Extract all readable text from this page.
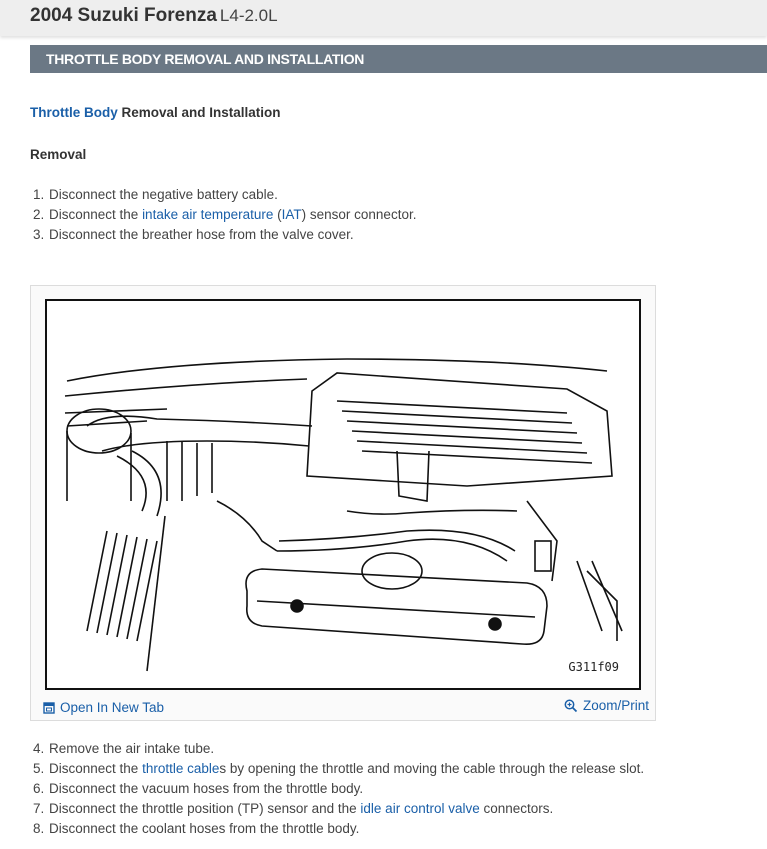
2004 Suzuki Forenza L4-2.0L
THROTTLE BODY REMOVAL AND INSTALLATION
Throttle Body Removal and Installation
Removal
1. Disconnect the negative battery cable.
2. Disconnect the intake air temperature (IAT) sensor connector.
3. Disconnect the breather hose from the valve cover.
G311f09
Open In New Tab	Zoom/Print
4. Remove the air intake tube.
5. Disconnect the throttle cables by opening the throttle and moving the cable through the release slot.
6. Disconnect the vacuum hoses from the throttle body.
7. Disconnect the throttle position (TP) sensor and the idle air control valve connectors.
8. Disconnect the coolant hoses from the throttle body.
